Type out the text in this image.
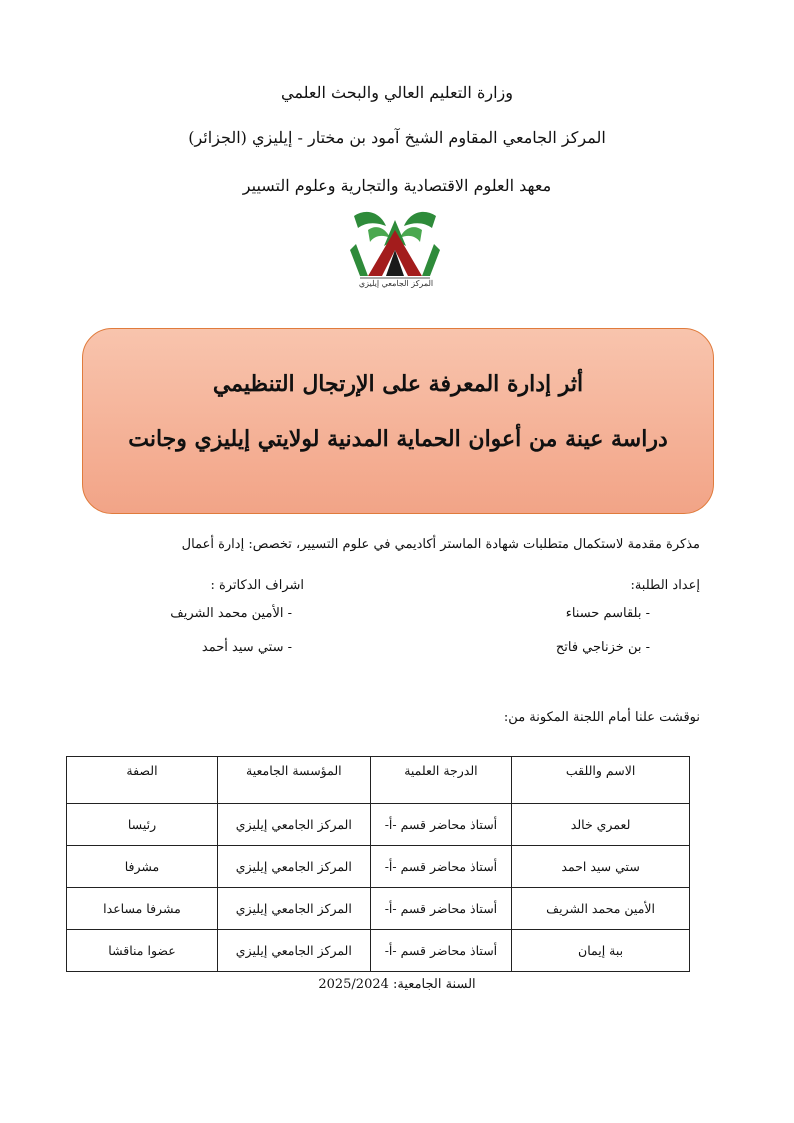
وزارة التعليم العالي والبحث العلمي
المركز الجامعي المقاوم الشيخ آمود بن مختار - إيليزي (الجزائر)
معهد العلوم الاقتصادية والتجارية وعلوم التسيير
المركز الجامعي إيليزي
أثر إدارة المعرفة على الإرتجال التنظيمي
دراسة عينة من أعوان الحماية المدنية لولايتي إيليزي وجانت
مذكرة مقدمة لاستكمال متطلبات شهادة الماستر أكاديمي في علوم التسيير، تخصص: إدارة أعمال
إعداد الطلبة:
- بلقاسم حسناء
- بن خزناجي فاتح
اشراف الدكاترة :
- الأمين محمد الشريف
- ستي سيد أحمد
نوقشت علنا أمام اللجنة المكونة من:
الاسم واللقب	الدرجة العلمية	المؤسسة الجامعية	الصفة
لعمري خالد	أستاذ محاضر قسم -أ-	المركز الجامعي إيليزي	رئيسا
ستي سيد احمد	أستاذ محاضر قسم -أ-	المركز الجامعي إيليزي	مشرفا
الأمين محمد الشريف	أستاذ محاضر قسم -أ-	المركز الجامعي إيليزي	مشرفا مساعدا
ببة إيمان	أستاذ محاضر قسم -أ-	المركز الجامعي إيليزي	عضوا مناقشا
السنة الجامعية: 2025/2024
